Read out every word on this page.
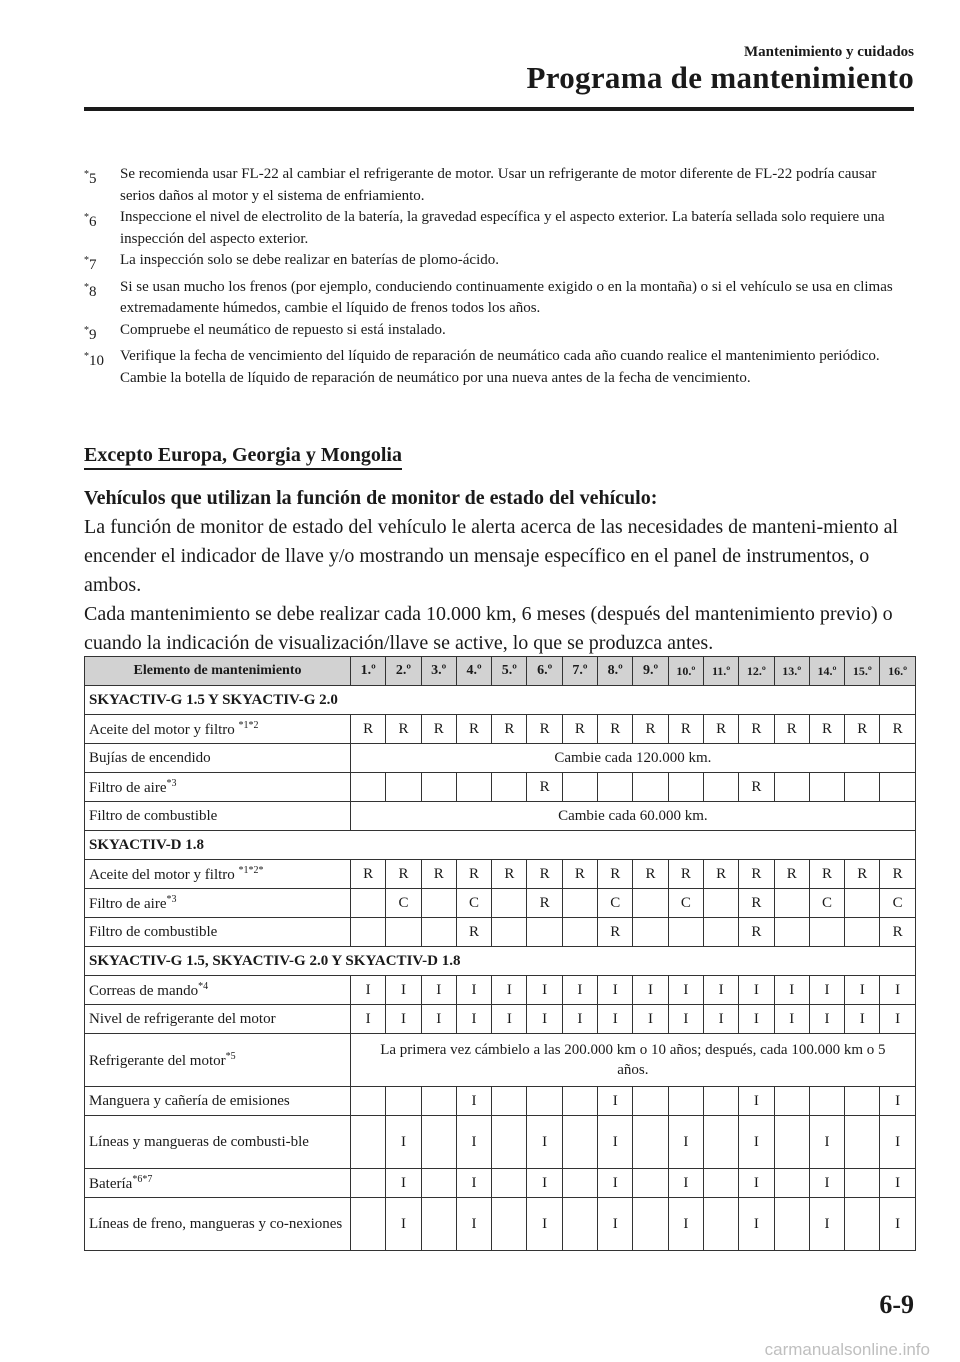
Mantenimiento y cuidados
Programa de mantenimiento
*5	Se recomienda usar FL-22 al cambiar el refrigerante de motor. Usar un refrigerante de motor diferente de FL-22 podría causar serios daños al motor y el sistema de enfriamiento.
*6	Inspeccione el nivel de electrolito de la batería, la gravedad específica y el aspecto exterior. La batería sellada solo requiere una inspección del aspecto exterior.
*7	La inspección solo se debe realizar en baterías de plomo-ácido.
*8	Si se usan mucho los frenos (por ejemplo, conduciendo continuamente exigido o en la montaña) o si el vehículo se usa en climas extremadamente húmedos, cambie el líquido de frenos todos los años.
*9	Compruebe el neumático de repuesto si está instalado.
*10	Verifique la fecha de vencimiento del líquido de reparación de neumático cada año cuando realice el mantenimiento periódico. Cambie la botella de líquido de reparación de neumático por una nueva antes de la fecha de vencimiento.
Excepto Europa, Georgia y Mongolia
Vehículos que utilizan la función de monitor de estado del vehículo:
La función de monitor de estado del vehículo le alerta acerca de las necesidades de manteni-miento al encender el indicador de llave y/o mostrando un mensaje específico en el panel de instrumentos, o ambos.
Cada mantenimiento se debe realizar cada 10.000 km, 6 meses (después del mantenimiento previo) o cuando la indicación de visualización/llave se active, lo que se produzca antes.
Elemento de mantenimiento	1.º	2.º	3.º	4.º	5.º	6.º	7.º	8.º	9.º	10.º	11.º	12.º	13.º	14.º	15.º	16.º
SKYACTIV-G 1.5 Y SKYACTIV-G 2.0																
Aceite del motor y filtro $^{*1*2}$	R	R	R	R	R	R	R	R	R	R	R	R	R	R	R	R
Bujías de encendido	Cambie cada 120.000 km.															
Filtro de aire$^{*3}$						R						R				
Filtro de combustible	Cambie cada 60.000 km.															
SKYACTIV-D 1.8																
Aceite del motor y filtro $^{*1*2*}$	R	R	R	R	R	R	R	R	R	R	R	R	R	R	R	R
Filtro de aire$^{*3}$		C		C		R		C		C		R		C		C
Filtro de combustible				R				R				R				R
SKYACTIV-G 1.5, SKYACTIV-G 2.0 Y SKYACTIV-D 1.8																
Correas de mando$^{*4}$	I	I	I	I	I	I	I	I	I	I	I	I	I	I	I	I
Nivel de refrigerante del motor	I	I	I	I	I	I	I	I	I	I	I	I	I	I	I	I
Refrigerante del motor$^{*5}$	La primera vez cámbielo a las 200.000 km o 10 años; después, cada 100.000 km o 5 años.															
Manguera y cañería de emisiones				I				I				I				I
Líneas y mangueras de combusti-ble		I		I		I		I		I		I		I		I
Batería$^{*6*7}$		I		I		I		I		I		I		I		I
Líneas de freno, mangueras y co-nexiones		I		I		I		I		I		I		I		I
6-9
carmanualsonline.info
